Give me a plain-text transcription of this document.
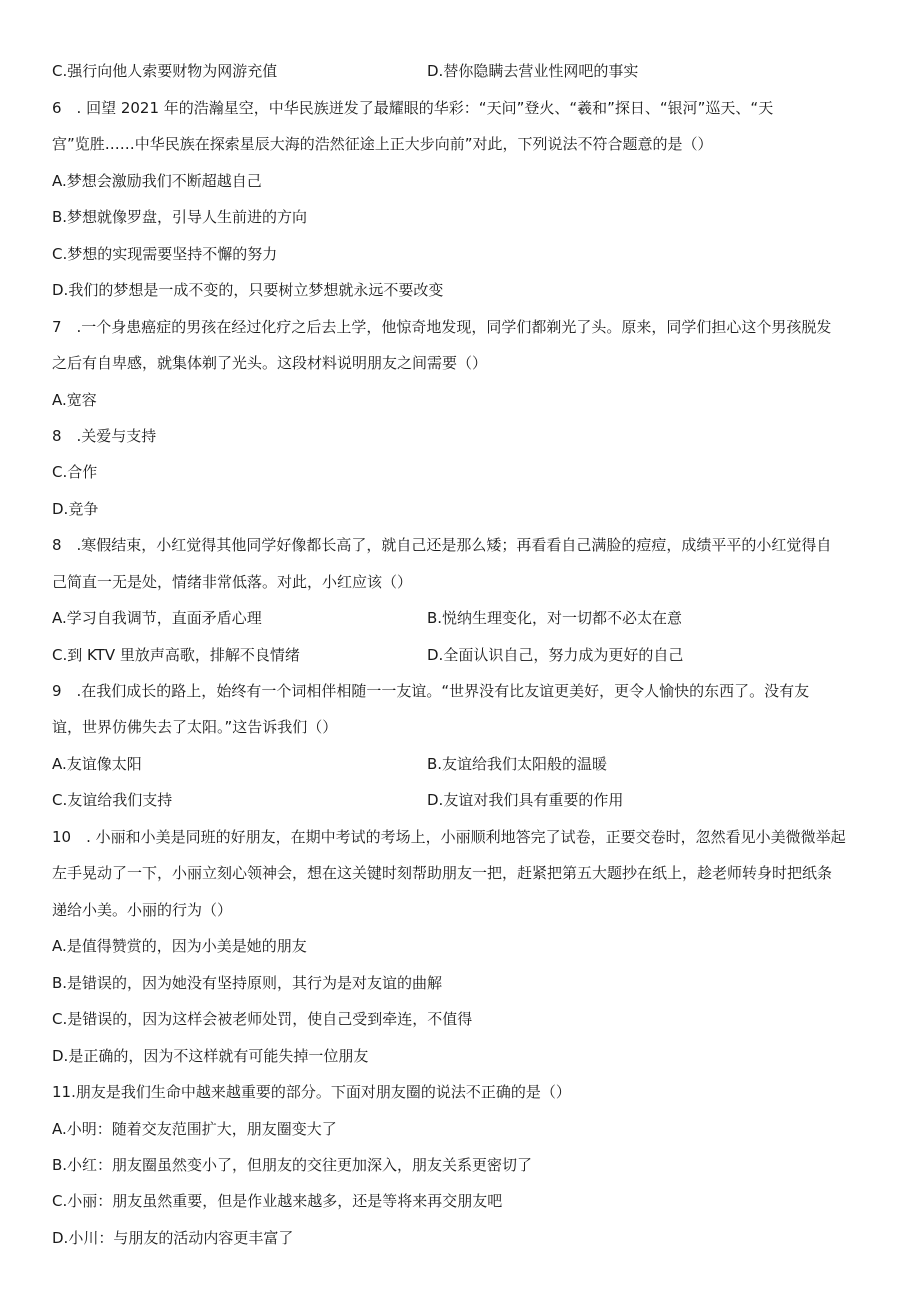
C.强行向他人索要财物为网游充值	D.替你隐瞒去营业性网吧的事实
6　. 回望 2021 年的浩瀚星空，中华民族迸发了最耀眼的华彩：“天问”登火、“羲和”探日、“银河”巡天、“天
宫”览胜……中华民族在探索星辰大海的浩然征途上正大步向前”对此，下列说法不符合题意的是（）
A.梦想会激励我们不断超越自己
B.梦想就像罗盘，引导人生前进的方向
C.梦想的实现需要坚持不懈的努力
D.我们的梦想是一成不变的，只要树立梦想就永远不要改变
7　.一个身患癌症的男孩在经过化疗之后去上学，他惊奇地发现，同学们都剃光了头。原来，同学们担心这个男孩脱发
之后有自卑感，就集体剃了光头。这段材料说明朋友之间需要（）
A.宽容
8　.关爱与支持
C.合作
D.竞争
8　.寒假结束，小红觉得其他同学好像都长高了，就自己还是那么矮；再看看自己满脸的痘痘，成绩平平的小红觉得自
己简直一无是处，情绪非常低落。对此，小红应该（）
A.学习自我调节，直面矛盾心理	B.悦纳生理变化，对一切都不必太在意
C.到 KTV 里放声高歌，排解不良情绪	D.全面认识自己，努力成为更好的自己
9　.在我们成长的路上，始终有一个词相伴相随一一友谊。“世界没有比友谊更美好，更令人愉快的东西了。没有友
谊，世界仿佛失去了太阳。”这告诉我们（）
A.友谊像太阳	B.友谊给我们太阳般的温暖
C.友谊给我们支持	D.友谊对我们具有重要的作用
10　. 小丽和小美是同班的好朋友，在期中考试的考场上，小丽顺利地答完了试卷，正要交卷时，忽然看见小美微微举起
左手晃动了一下，小丽立刻心领神会，想在这关键时刻帮助朋友一把，赶紧把第五大题抄在纸上，趁老师转身时把纸条
递给小美。小丽的行为（）
A.是值得赞赏的，因为小美是她的朋友
B.是错误的，因为她没有坚持原则，其行为是对友谊的曲解
C.是错误的，因为这样会被老师处罚，使自己受到牵连，不值得
D.是正确的，因为不这样就有可能失掉一位朋友
11.朋友是我们生命中越来越重要的部分。下面对朋友圈的说法不正确的是（）
A.小明：随着交友范围扩大，朋友圈变大了
B.小红：朋友圈虽然变小了，但朋友的交往更加深入，朋友关系更密切了
C.小丽：朋友虽然重要，但是作业越来越多，还是等将来再交朋友吧
D.小川：与朋友的活动内容更丰富了
